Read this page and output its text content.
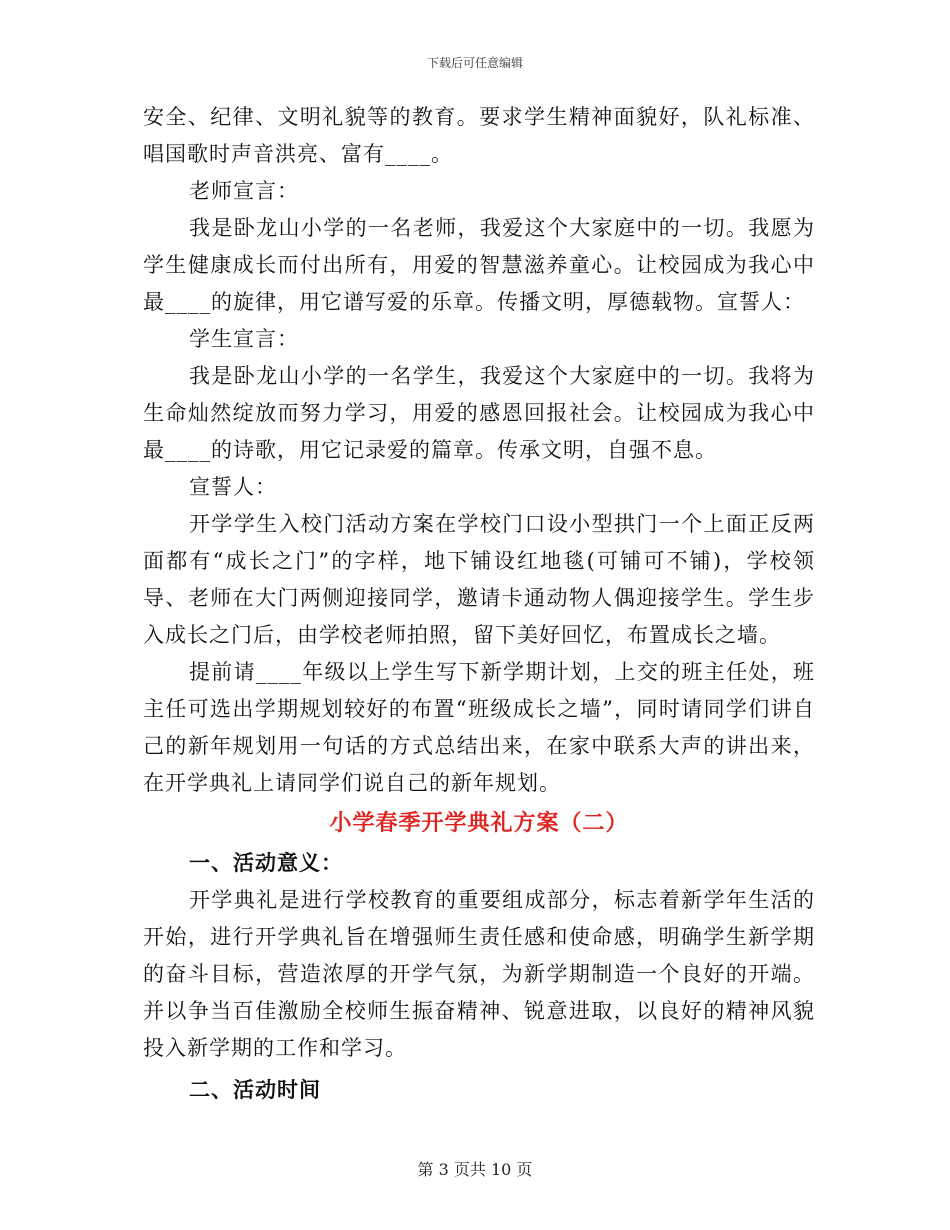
下载后可任意编辑

安全、纪律、文明礼貌等的教育。要求学生精神面貌好，队礼标准、唱国歌时声音洪亮、富有____。

老师宣言：

我是卧龙山小学的一名老师，我爱这个大家庭中的一切。我愿为学生健康成长而付出所有，用爱的智慧滋养童心。让校园成为我心中最____的旋律，用它谱写爱的乐章。传播文明，厚德载物。宣誓人：

学生宣言：

我是卧龙山小学的一名学生，我爱这个大家庭中的一切。我将为生命灿然绽放而努力学习，用爱的感恩回报社会。让校园成为我心中最____的诗歌，用它记录爱的篇章。传承文明，自强不息。

宣誓人：

开学学生入校门活动方案在学校门口设小型拱门一个上面正反两面都有“成长之门”的字样，地下铺设红地毯(可铺可不铺)，学校领导、老师在大门两侧迎接同学，邀请卡通动物人偶迎接学生。学生步入成长之门后，由学校老师拍照，留下美好回忆，布置成长之墙。

提前请____年级以上学生写下新学期计划，上交的班主任处，班主任可选出学期规划较好的布置“班级成长之墙”，同时请同学们讲自己的新年规划用一句话的方式总结出来，在家中联系大声的讲出来，在开学典礼上请同学们说自己的新年规划。

小学春季开学典礼方案（二）

一、活动意义：

开学典礼是进行学校教育的重要组成部分，标志着新学年生活的开始，进行开学典礼旨在增强师生责任感和使命感，明确学生新学期的奋斗目标，营造浓厚的开学气氛，为新学期制造一个良好的开端。并以争当百佳激励全校师生振奋精神、锐意进取，以良好的精神风貌投入新学期的工作和学习。

二、活动时间

第 3 页共 10 页
